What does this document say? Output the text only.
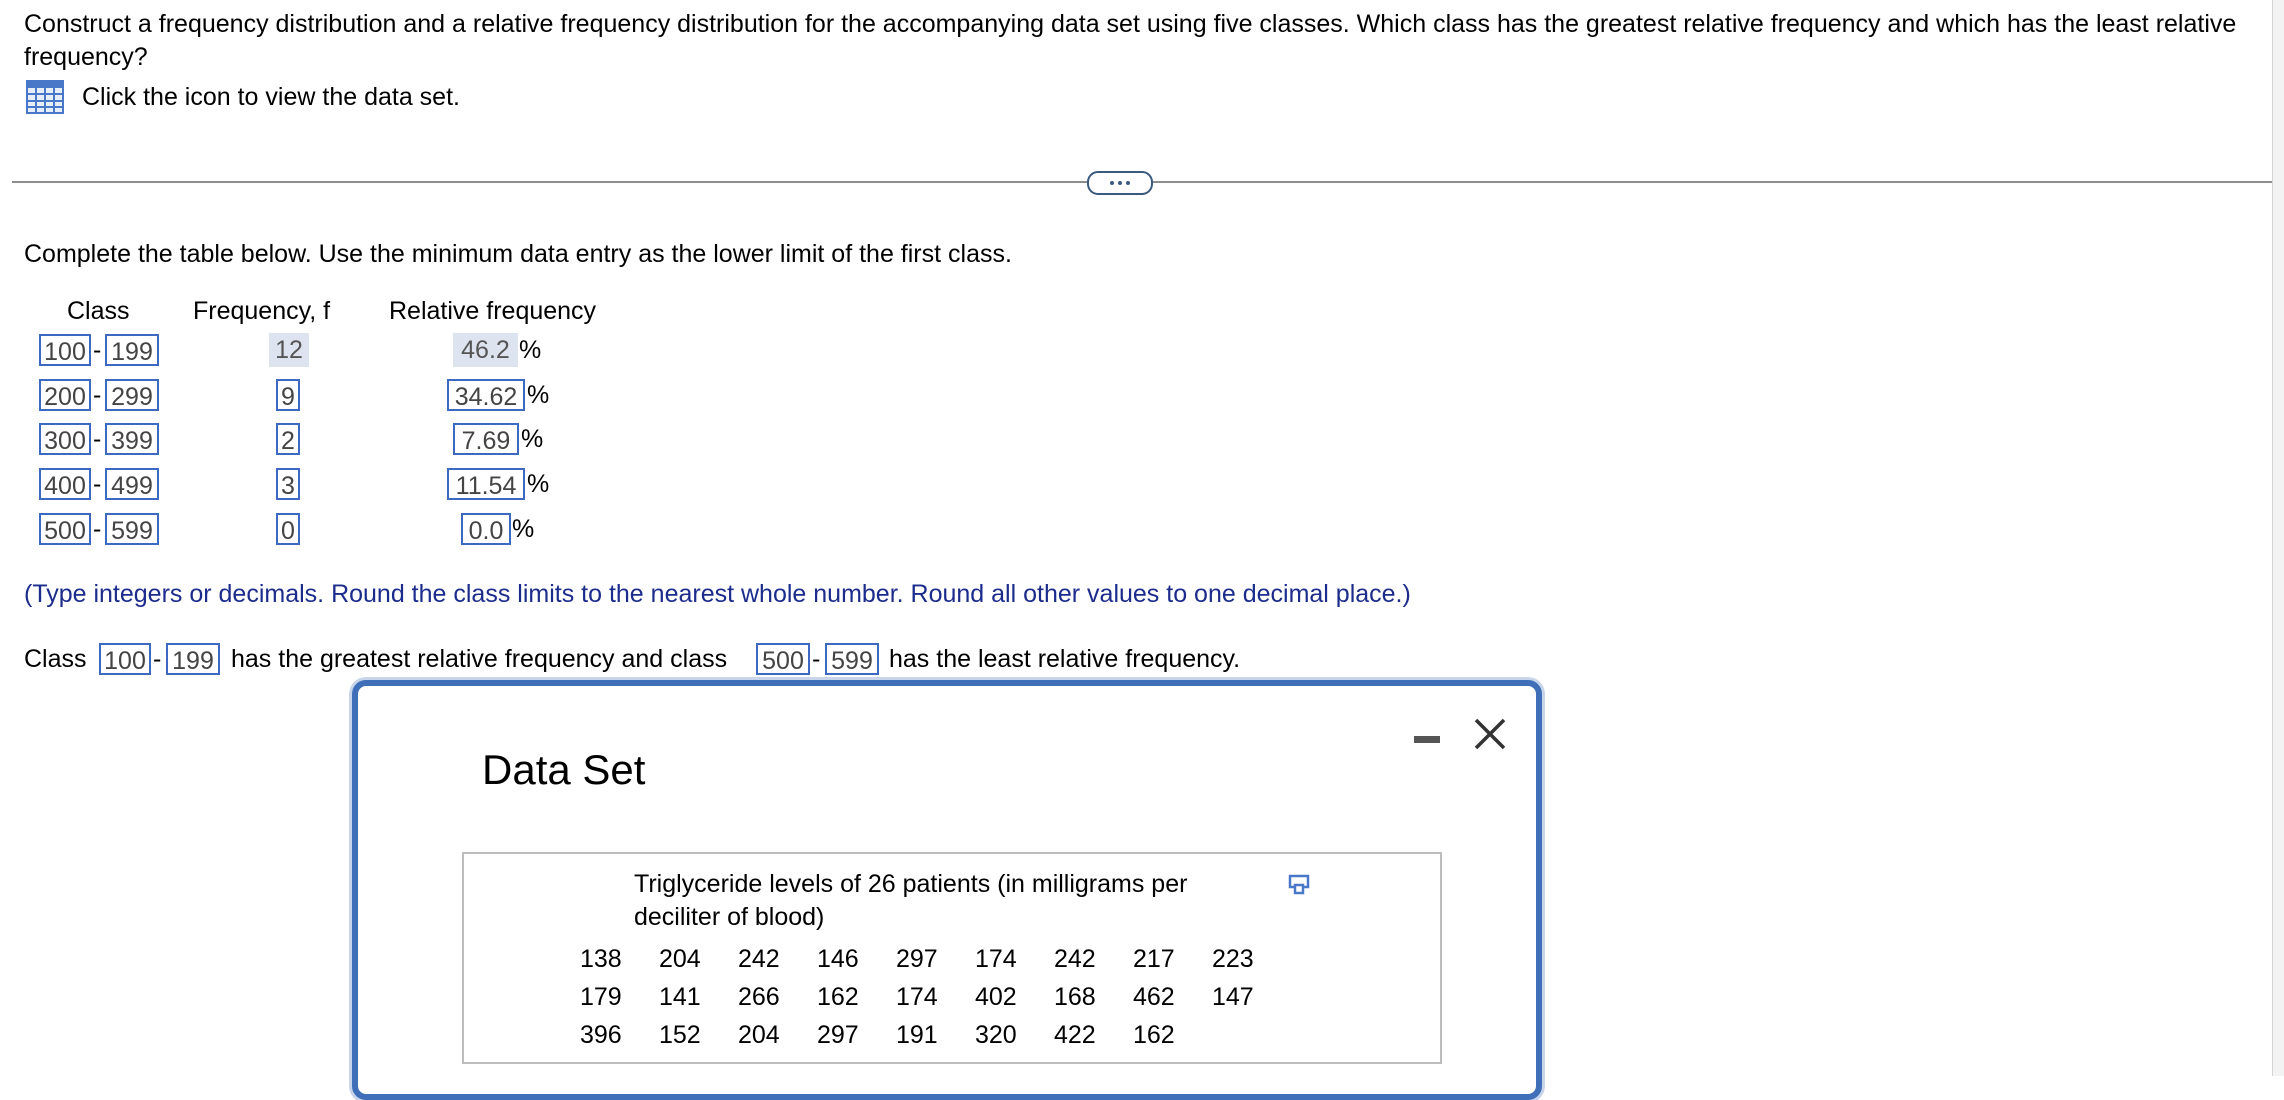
Construct a frequency distribution and a relative frequency distribution for the accompanying data set using five classes. Which class has the greatest relative frequency and which has the least relative frequency?
Click the icon to view the data set.
Complete the table below. Use the minimum data entry as the lower limit of the first class.
Class	Frequency, f Relative frequency
100 - 199	12	46.2 %
200 - 299	9	34.62 %
300 - 399	2	7.69 %
400 - 499	3	11.54 %
500 - 599	0	0.0 %
(Type integers or decimals. Round the class limits to the nearest whole number. Round all other values to one decimal place.)
Class 100 - 199 has the greatest relative frequency and class 500 - 599 has the least relative frequency.
Data Set
Triglyceride levels of 26 patients (in milligrams per deciliter of blood)
138	204	242	146	297	174	242	217	223
179	141	266	162	174	402	168	462	147
396	152	204	297	191	320	422	162
